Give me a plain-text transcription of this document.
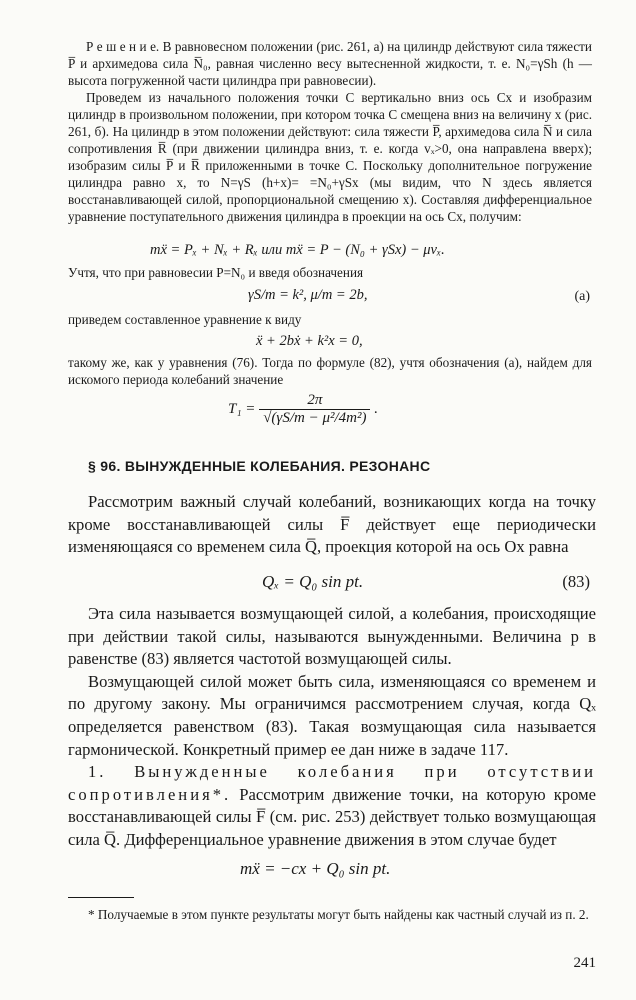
Р е ш е н и е. В равновесном положении (рис. 261, а) на цилиндр действуют сила тяжести P̅ и архимедова сила N̅₀, равная численно весу вытесненной жидкости, т. е. N₀=γSh (h — высота погруженной части цилиндра при равновесии).

Проведем из начального положения точки C вертикально вниз ось Cx и изобразим цилиндр в произвольном положении, при котором точка C смещена вниз на величину x (рис. 261, б). На цилиндр в этом положении действуют: сила тяжести P̅, архимедова сила N̅ и сила сопротивления R̅ (при движении цилиндра вниз, т. е. когда vₓ>0, она направлена вверх); изобразим силы P̅ и R̅ приложенными в точке C. Поскольку дополнительное погружение цилиндра равно x, то N=γS (h+x)= =N₀+γSx (мы видим, что N здесь является восстанавливающей силой, пропорциональной смещению x). Составляя дифференциальное уравнение поступательного движения цилиндра в проекции на ось Cx, получим:

mẍ = Pₓ + Nₓ + Rₓ или mẍ = P − (N₀ + γSx) − μvₓ.

Учтя, что при равновесии P=N₀ и введя обозначения

γS/m = k², μ/m = 2b,	(a)

приведем составленное уравнение к виду

ẍ + 2bẋ + k²x = 0,

такому же, как у уравнения (76). Тогда по формуле (82), учтя обозначения (а), найдем для искомого периода колебаний значение

$T_1 = \frac{2\pi}{\text{√(γS/m − μ²/4m²)}}$ .
§ 96. ВЫНУЖДЕННЫЕ КОЛЕБАНИЯ. РЕЗОНАНС

Рассмотрим важный случай колебаний, возникающих когда на точку кроме восстанавливающей силы F̅ действует еще периодически изменяющаяся со временем сила Q̅, проекция которой на ось Ox равна

Qₓ = Q₀ sin pt.	(83)

Эта сила называется возмущающей силой, а колебания, происходящие при действии такой силы, называются вынужденными. Величина p в равенстве (83) является частотой возмущающей силы.

Возмущающей силой может быть сила, изменяющаяся со временем и по другому закону. Мы ограничимся рассмотрением случая, когда Qₓ определяется равенством (83). Такая возмущающая сила называется гармонической. Конкретный пример ее дан ниже в задаче 117.

1. Вынужденные колебания при отсутствии сопротивления*. Рассмотрим движение точки, на которую кроме восстанавливающей силы F̅ (см. рис. 253) действует только возмущающая сила Q̅. Дифференциальное уравнение движения в этом случае будет

mẍ = −cx + Q₀ sin pt.

* Получаемые в этом пункте результаты могут быть найдены как частный случай из п. 2.

241
